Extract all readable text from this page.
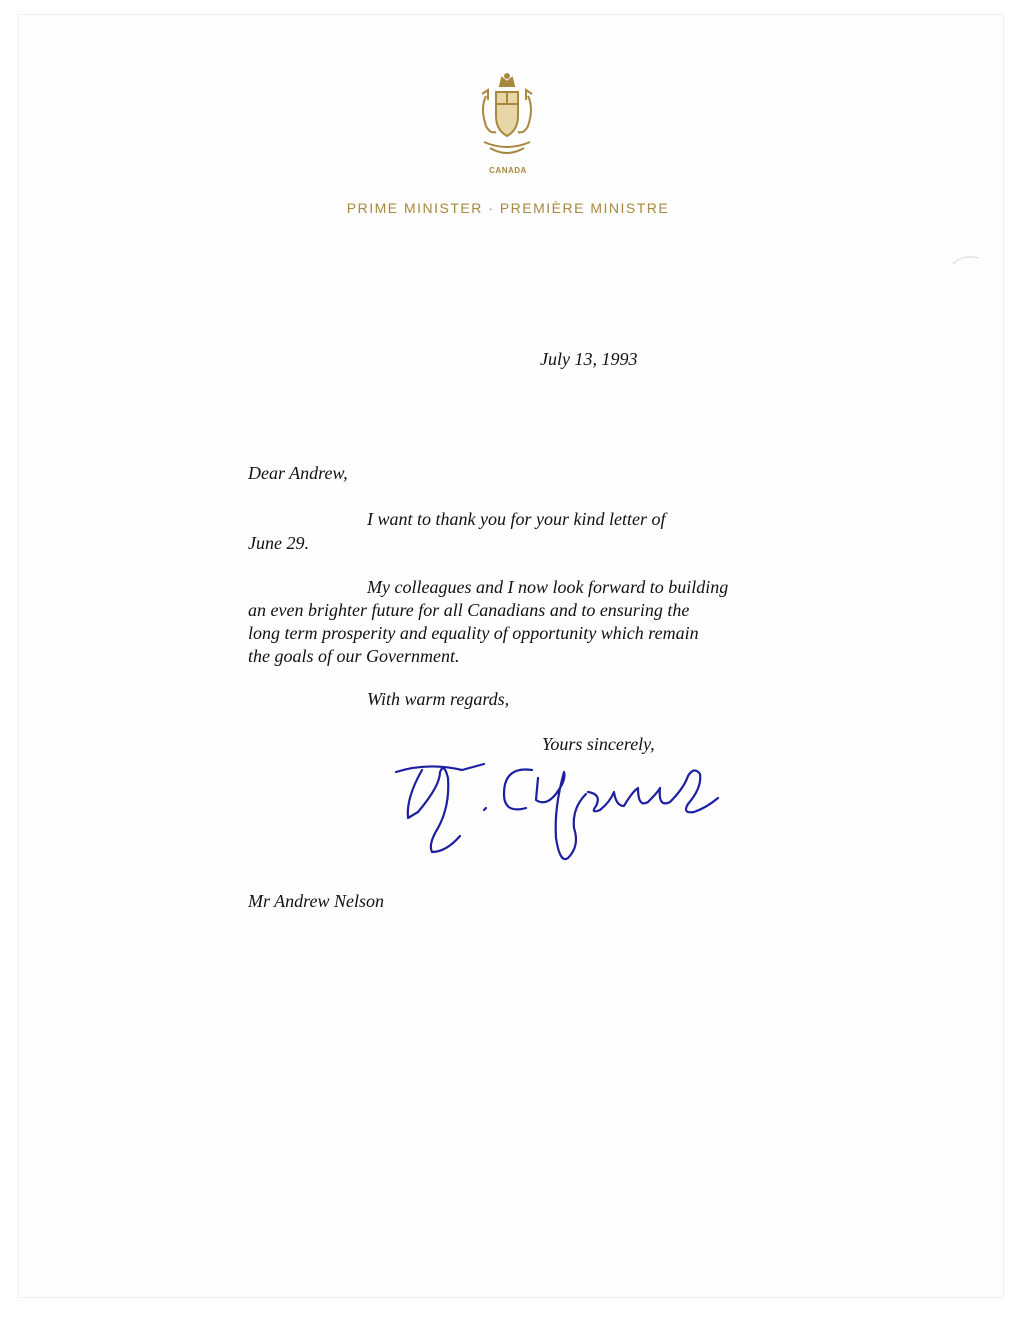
CANADA
PRIME MINISTER · PREMIÈRE MINISTRE
July 13, 1993
Dear Andrew,
I want to thank you for your kind letter of
June 29.
My colleagues and I now look forward to building
an even brighter future for all Canadians and to ensuring the
long term prosperity and equality of opportunity which remain
the goals of our Government.
With warm regards,
Yours sincerely,
Mr Andrew Nelson
